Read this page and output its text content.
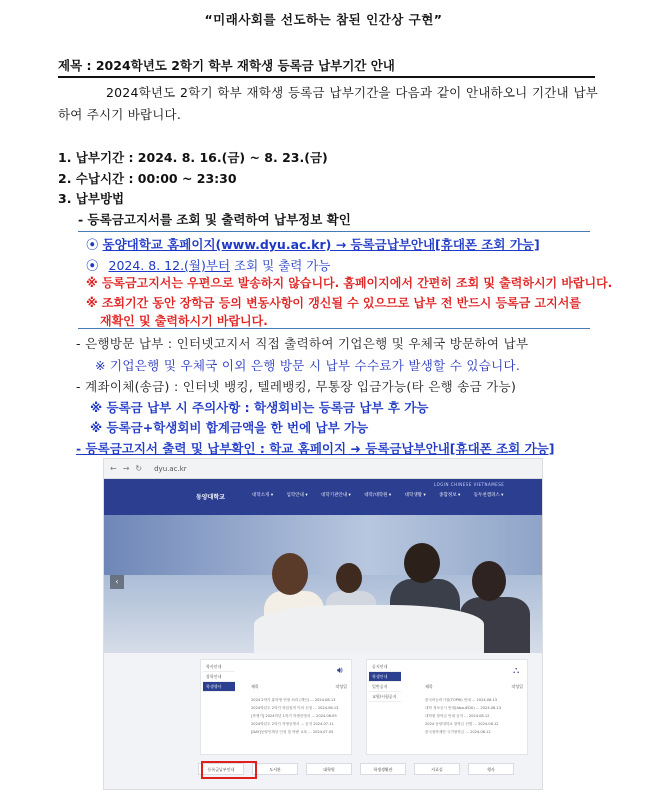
“미래사회를 선도하는 참된 인간상 구현”
제목 : 2024학년도 2학기 학부 재학생 등록금 납부기간 안내

2024학년도 2학기 학부 재학생 등록금 납부기간을 다음과 같이 안내하오니 기간내 납부하여 주시기 바랍니다.

1. 납부기간 : 2024. 8. 16.(금) ~ 8. 23.(금)
2. 수납시간 : 00:00 ~ 23:30
3. 납부방법
- 등록금고지서를 조회 및 출력하여 납부정보 확인
⦿ 동양대학교 홈페이지(www.dyu.ac.kr) → 등록금납부안내[휴대폰 조회 가능]
⦿ 2024. 8. 12.(월)부터 조회 및 출력 가능
※ 등록금고지서는 우편으로 발송하지 않습니다. 홈페이지에서 간편히 조회 및 출력하시기 바랍니다.
※ 조회기간 동안 장학금 등의 변동사항이 갱신될 수 있으므로 납부 전 반드시 등록금 고지서를
재확인 및 출력하시기 바랍니다.
- 은행방문 납부 : 인터넷고지서 직접 출력하여 기업은행 및 우체국 방문하여 납부
※ 기업은행 및 우체국 이외 은행 방문 시 납부 수수료가 발생할 수 있습니다.
- 계좌이체(송금) : 인터넷 뱅킹, 텔레뱅킹, 무통장 입금가능(타 은행 송금 가능)
※ 등록금 납부 시 주의사항 : 학생회비는 등록금 납부 후 가능
※ 등록금+학생회비 합계금액을 한 번에 납부 가능
- 등록금고지서 출력 및 납부확인 : 학교 홈페이지 ➜ 등록금납부안내[휴대폰 조회 가능]
← → ↻ dyu.ac.kr
동양대학교
LOGIN CHINESE VIETNAMESE
대학소개 ▾	입학안내 ▾	대학기관안내 ▾	대학/대학원 ▾	대학생활 ▾	종합정보 ▾	동두천캠퍼스 ▾
‹
학사안내
장학안내
학생행사
🔊︎
제목	작성일
2024 2학기 휴학생 연장 처리 (개인) ... 2024.08.13
2024학년도 2학기 학업성적 이의 신청 ... 2024.08.13
[학생기] 2024학년 1학기 학생증명서 ... 2024.08.09
2024학년도 2학기 학생증명서 ... 공지 2024.07.11
[DAY]동양인재상 인성 및 역량 교육 ... 2024.07.05
공지안내
학생안내
일반공지
교원/시험공지
⛬
제목	작성일
한국어능력시험(TOPIK) 안내 ... 2024.08.13
대학 정보공시 안내(AbouEDU) ... 2024.08.13
대학원 장학금 안내 공지 ... 2024.08.12
2024 동양대학교 장학금 선발 ... 2024.08.12
한국장학재단 국가장학금 ... 2024.08.12
등록금납부안내	도서관	대학원	학생생활관	자료실	행사
